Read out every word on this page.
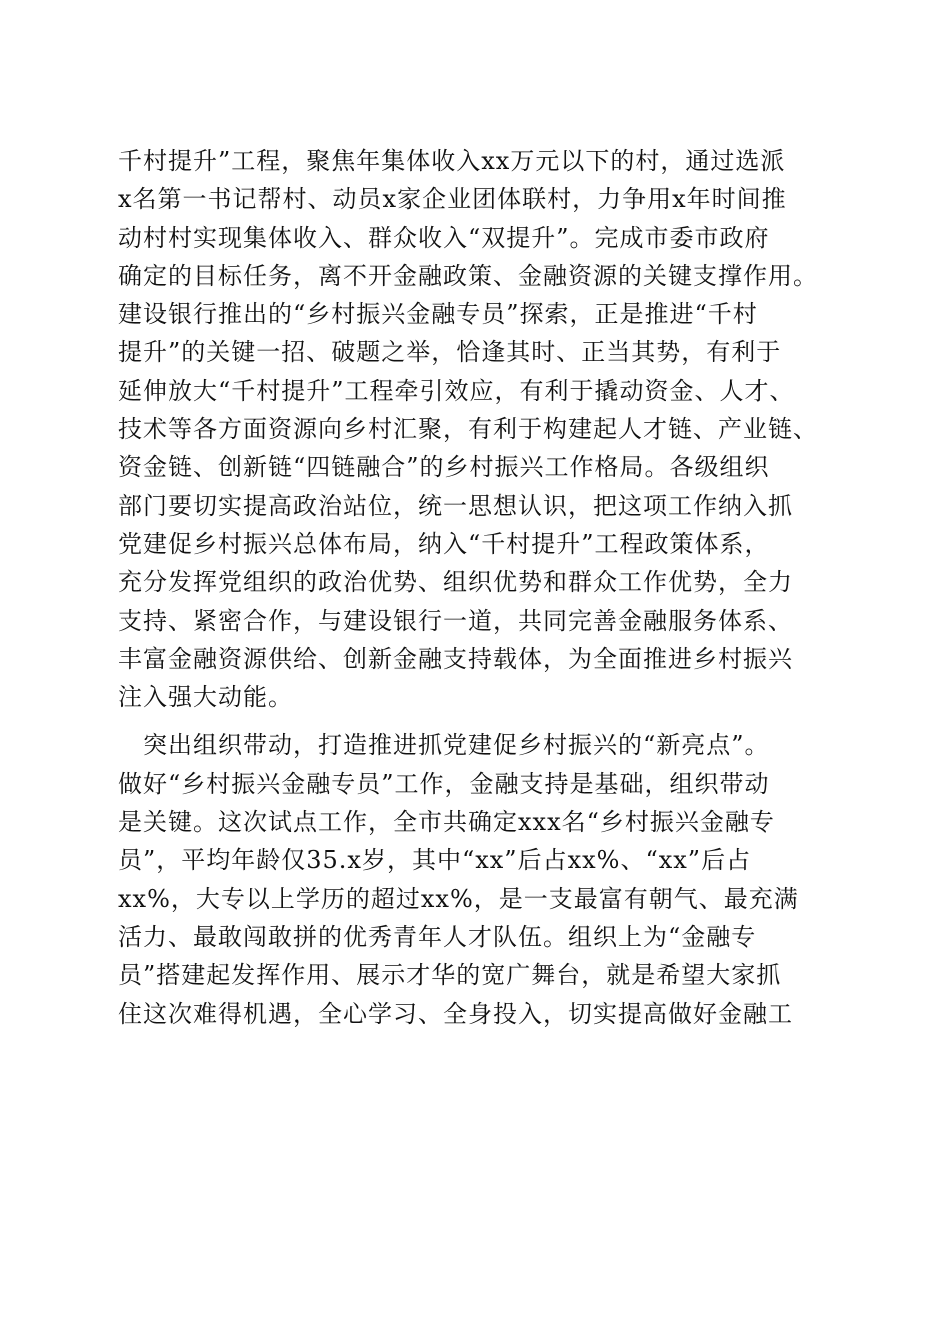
千村提升”工程，聚焦年集体收入xx万元以下的村，通过选派
x名第一书记帮村、动员x家企业团体联村，力争用x年时间推
动村村实现集体收入、群众收入“双提升”。完成市委市政府
确定的目标任务，离不开金融政策、金融资源的关键支撑作用。
建设银行推出的“乡村振兴金融专员”探索，正是推进“千村
提升”的关键一招、破题之举，恰逢其时、正当其势，有利于
延伸放大“千村提升”工程牵引效应，有利于撬动资金、人才、
技术等各方面资源向乡村汇聚，有利于构建起人才链、产业链、
资金链、创新链“四链融合”的乡村振兴工作格局。各级组织
部门要切实提高政治站位，统一思想认识，把这项工作纳入抓
党建促乡村振兴总体布局，纳入“千村提升”工程政策体系，
充分发挥党组织的政治优势、组织优势和群众工作优势，全力
支持、紧密合作，与建设银行一道，共同完善金融服务体系、
丰富金融资源供给、创新金融支持载体，为全面推进乡村振兴
注入强大动能。
　突出组织带动，打造推进抓党建促乡村振兴的“新亮点”。
做好“乡村振兴金融专员”工作，金融支持是基础，组织带动
是关键。这次试点工作，全市共确定xxx名“乡村振兴金融专
员”，平均年龄仅35.x岁，其中“xx”后占xx%、“xx”后占
xx%，大专以上学历的超过xx%，是一支最富有朝气、最充满
活力、最敢闯敢拼的优秀青年人才队伍。组织上为“金融专
员”搭建起发挥作用、展示才华的宽广舞台，就是希望大家抓
住这次难得机遇，全心学习、全身投入，切实提高做好金融工
